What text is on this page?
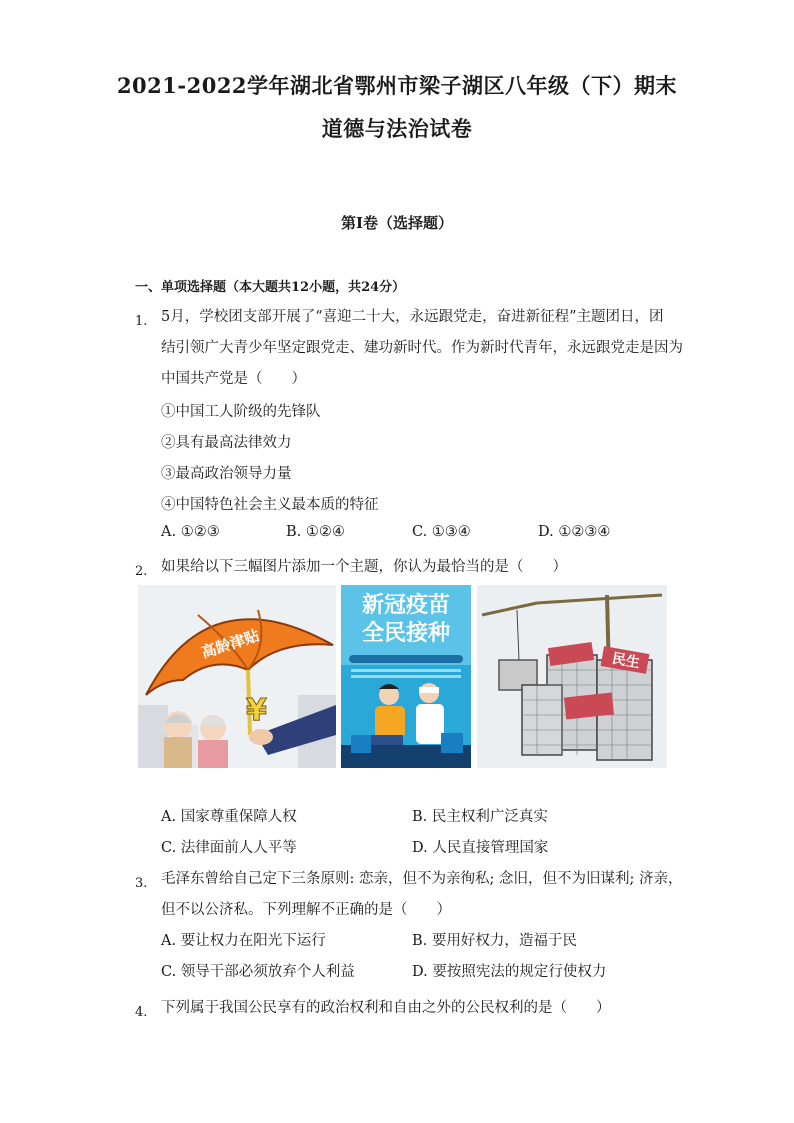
2021-2022学年湖北省鄂州市梁子湖区八年级（下）期末
道德与法治试卷
第I卷（选择题）
一、单项选择题（本大题共12小题，共24分）
1. 5月，学校团支部开展了“喜迎二十大，永远跟党走，奋进新征程”主题团日，团
结引领广大青少年坚定跟党走、建功新时代。作为新时代青年，永远跟党走是因为
中国共产党是（　　）
①中国工人阶级的先锋队
②具有最高法律效力
③最高政治领导力量
④中国特色社会主义最本质的特征
A. ①②③	B. ①②④	C. ①③④	D. ①②③④
2. 如果给以下三幅图片添加一个主题，你认为最恰当的是（　　）
¥
高龄津贴
新冠疫苗
全民接种
民生
A. 国家尊重保障人权	B. 民主权利广泛真实
C. 法律面前人人平等	D. 人民直接管理国家
3. 毛泽东曾给自己定下三条原则: 恋亲，但不为亲徇私; 念旧，但不为旧谋利; 济亲，
但不以公济私。下列理解不正确的是（　　）
A. 要让权力在阳光下运行	B. 要用好权力，造福于民
C. 领导干部必须放弃个人利益	D. 要按照宪法的规定行使权力
4. 下列属于我国公民享有的政治权利和自由之外的公民权利的是（　　）
